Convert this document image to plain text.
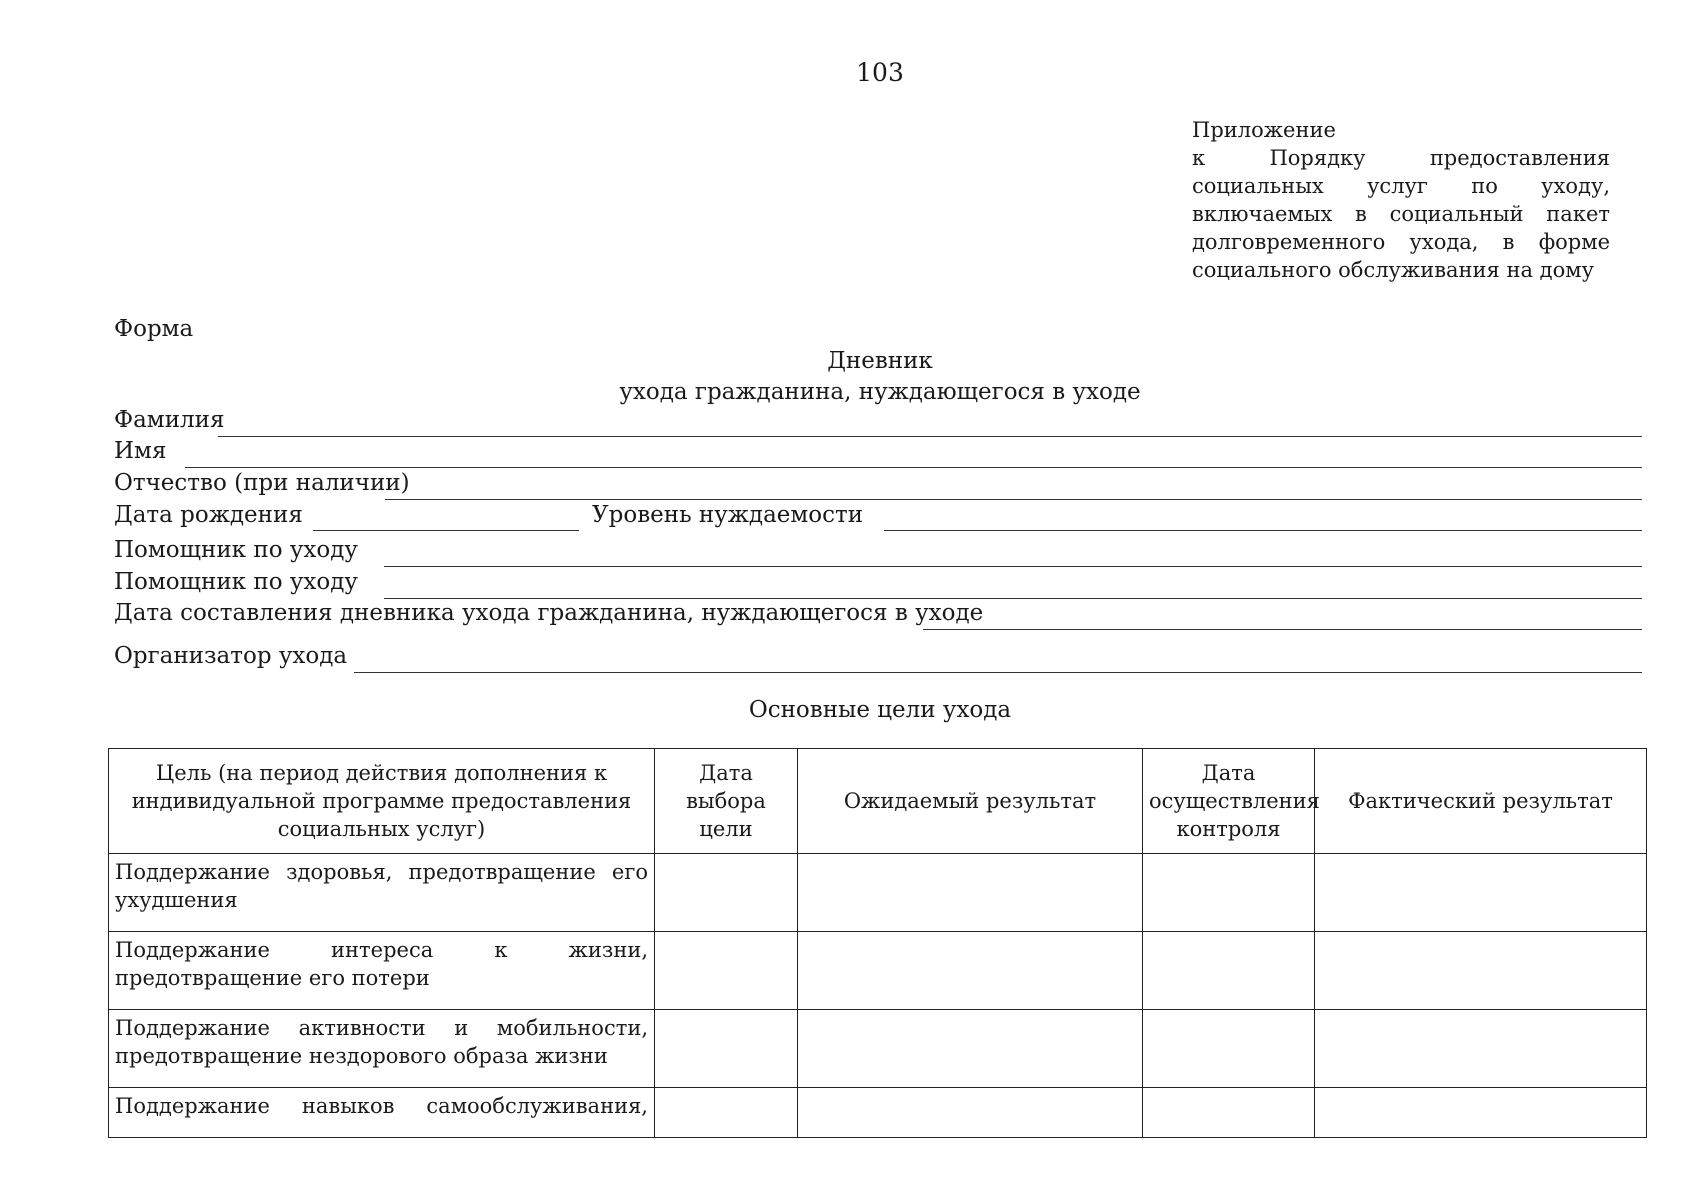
103
Приложение
к Порядку предоставления социальных услуг по уходу, включаемых в социальный пакет долговременного ухода, в форме социального обслуживания на дому
Форма
Дневник
ухода гражданина, нуждающегося в уходе
Фамилия
Имя
Отчество (при наличии)
Дата рождения	Уровень нуждаемости
Помощник по уходу
Помощник по уходу
Дата составления дневника ухода гражданина, нуждающегося в уходе
Организатор ухода
Основные цели ухода
Цель (на период действия дополнения к индивидуальной программе предоставления социальных услуг)	Дата выбора цели	Ожидаемый результат	Дата осуществления контроля	Фактический результат
Поддержание здоровья, предотвращение его ухудшения				
Поддержание интереса к жизни, предотвращение его потери				
Поддержание активности и мобильности, предотвращение нездорового образа жизни				
Поддержание навыков самообслуживания,				
